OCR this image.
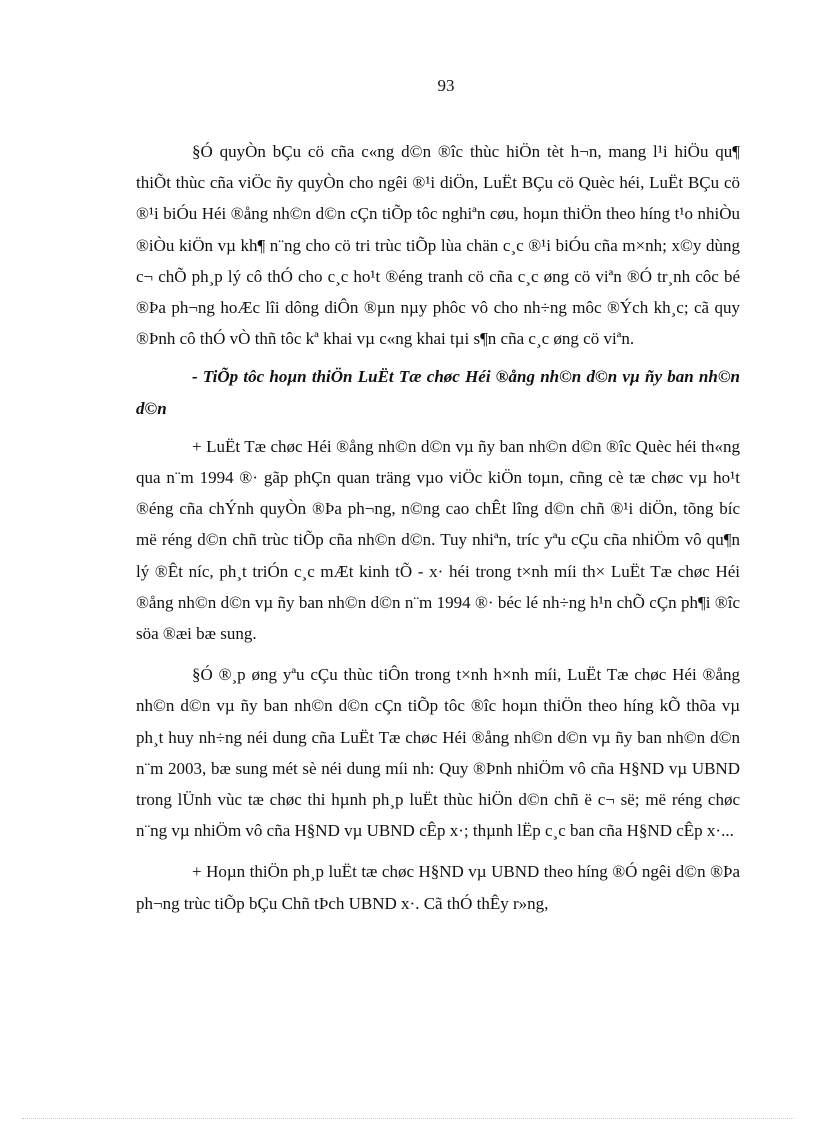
93

§Ó quyÒn bÇu cö cña c«ng d©n ®îc thùc hiÖn tèt h¬n, mang l¹i hiÖu qu¶ thiÕt thùc cña viÖc ñy quyÒn cho ngêi ®¹i diÖn, LuËt BÇu cö Quèc héi, LuËt BÇu cö ®¹i biÓu Héi ®ång nh©n d©n cÇn tiÕp tôc nghiªn cøu, hoµn thiÖn theo híng t¹o nhiÒu ®iÒu kiÖn vµ kh¶ n¨ng cho cö tri trùc tiÕp lùa chän c¸c ®¹i biÓu cña m×nh; x©y dùng c¬ chÕ ph¸p lý cô thÓ cho c¸c ho¹t ®éng tranh cö cña c¸c øng cö viªn ®Ó tr¸nh côc bé ®Þa ph¬ng hoÆc lîi dông diÔn ®µn nµy phôc vô cho nh÷ng môc ®Ých kh¸c; cã quy ®Þnh cô thÓ vÒ thñ tôc kª khai vµ c«ng khai tµi s¶n cña c¸c øng cö viªn.

- TiÕp tôc hoµn thiÖn LuËt Tæ chøc Héi ®ång nh©n d©n vµ ñy ban nh©n d©n

+ LuËt Tæ chøc Héi ®ång nh©n d©n vµ ñy ban nh©n d©n ®îc Quèc héi th«ng qua n¨m 1994 ®· gãp phÇn quan träng vµo viÖc kiÖn toµn, cñng cè tæ chøc vµ ho¹t ®éng cña chÝnh quyÒn ®Þa ph¬ng, n©ng cao chÊt lîng d©n chñ ®¹i diÖn, tõng bíc më réng d©n chñ trùc tiÕp cña nh©n d©n. Tuy nhiªn, tríc yªu cÇu cña nhiÖm vô qu¶n lý ®Êt níc, ph¸t triÓn c¸c mÆt kinh tÕ - x· héi trong t×nh míi th× LuËt Tæ chøc Héi ®ång nh©n d©n vµ ñy ban nh©n d©n n¨m 1994 ®· béc lé nh÷ng h¹n chÕ cÇn ph¶i ®îc söa ®æi bæ sung.

§Ó ®¸p øng yªu cÇu thùc tiÔn trong t×nh h×nh míi, LuËt Tæ chøc Héi ®ång nh©n d©n vµ ñy ban nh©n d©n cÇn tiÕp tôc ®îc hoµn thiÖn theo híng kÕ thõa vµ ph¸t huy nh÷ng néi dung cña LuËt Tæ chøc Héi ®ång nh©n d©n vµ ñy ban nh©n d©n n¨m 2003, bæ sung mét sè néi dung míi nh: Quy ®Þnh nhiÖm vô cña H§ND vµ UBND trong lÜnh vùc tæ chøc thi hµnh ph¸p luËt thùc hiÖn d©n chñ ë c¬ së; më réng chøc n¨ng vµ nhiÖm vô cña H§ND vµ UBND cÊp x·; thµnh lËp c¸c ban cña H§ND cÊp x·...

+ Hoµn thiÖn ph¸p luËt tæ chøc H§ND vµ UBND theo híng ®Ó ngêi d©n ®Þa ph¬ng trùc tiÕp bÇu Chñ tÞch UBND x·. Cã thÓ thÊy r»ng,
